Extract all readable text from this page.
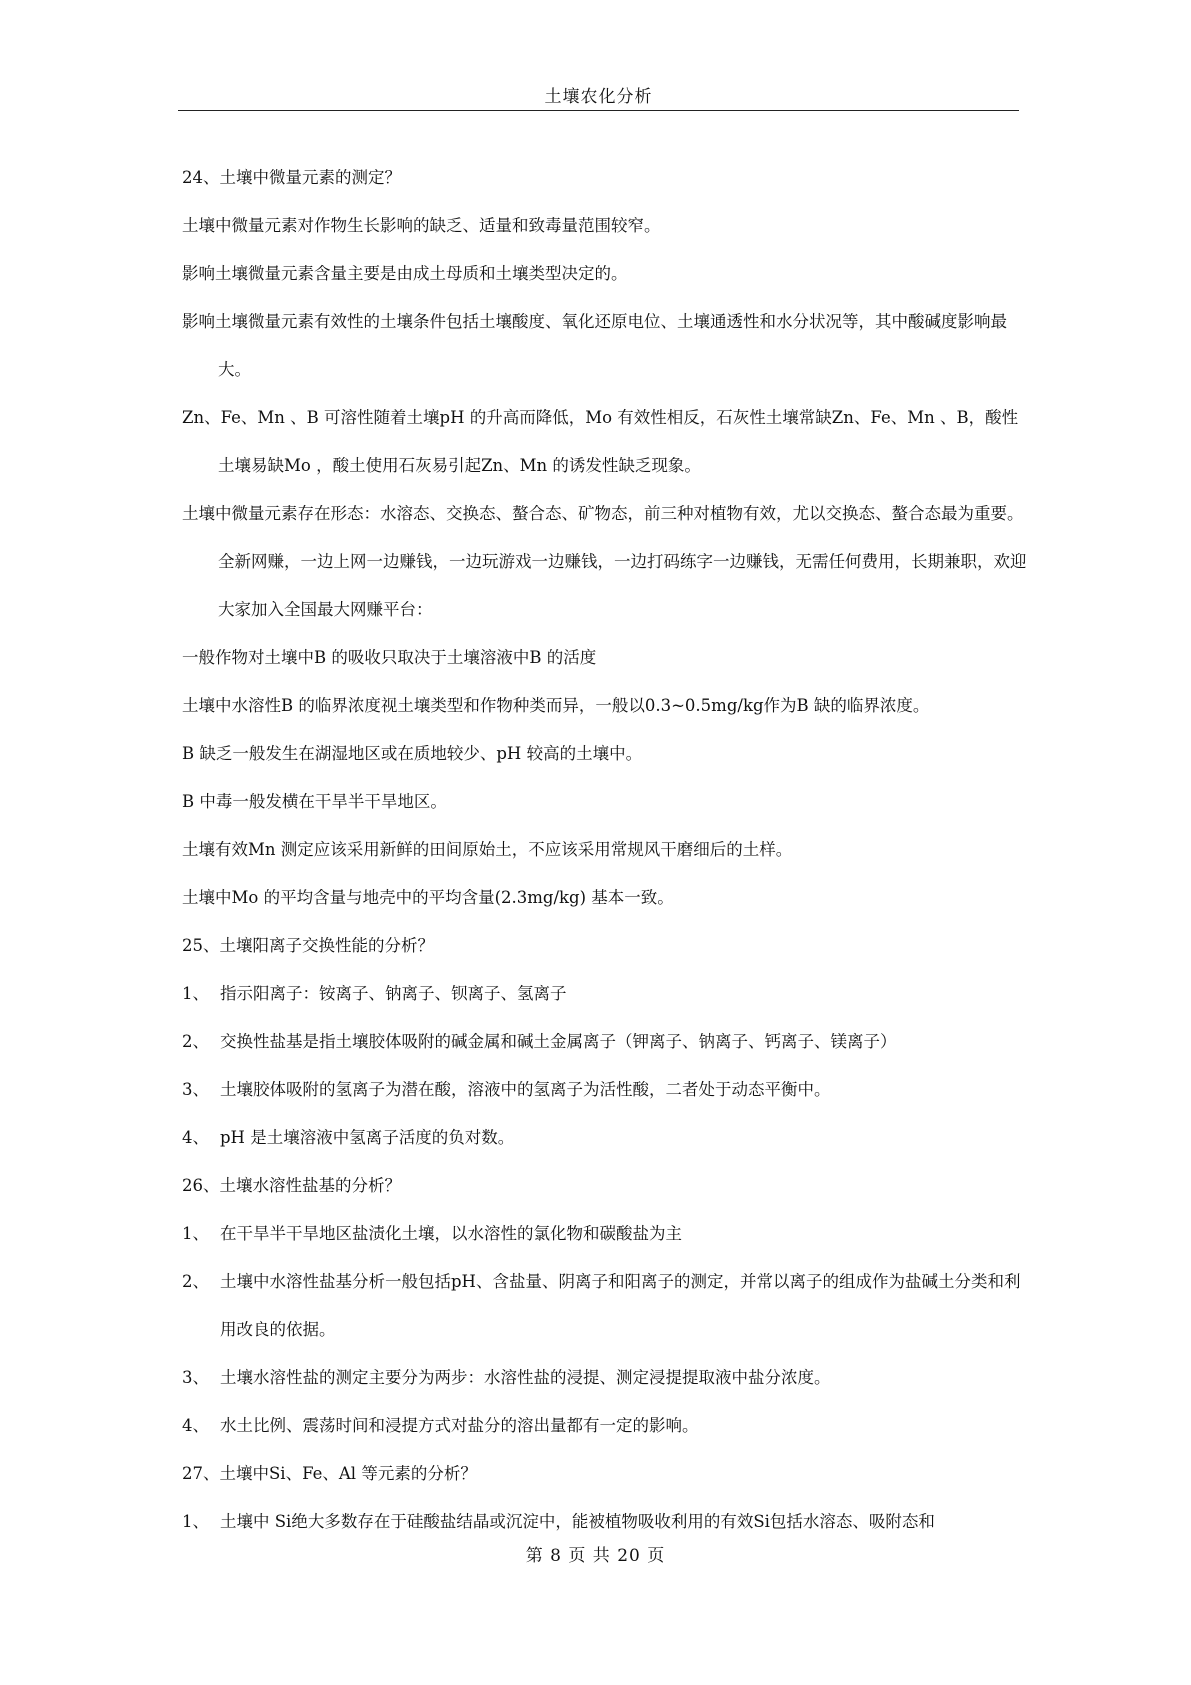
土壤农化分析

24、土壤中微量元素的测定？

土壤中微量元素对作物生长影响的缺乏、适量和致毒量范围较窄。

影响土壤微量元素含量主要是由成土母质和土壤类型决定的。

影响土壤微量元素有效性的土壤条件包括土壤酸度、氧化还原电位、土壤通透性和水分状况等，其中酸碱度影响最大。

Zn、Fe、Mn 、B 可溶性随着土壤pH 的升高而降低，Mo 有效性相反，石灰性土壤常缺Zn、Fe、Mn 、B，酸性土壤易缺Mo ，酸土使用石灰易引起Zn、Mn 的诱发性缺乏现象。

土壤中微量元素存在形态：水溶态、交换态、螯合态、矿物态，前三种对植物有效，尤以交换态、螯合态最为重要。全新网赚，一边上网一边赚钱，一边玩游戏一边赚钱，一边打码练字一边赚钱，无需任何费用，长期兼职，欢迎大家加入全国最大网赚平台：

一般作物对土壤中B 的吸收只取决于土壤溶液中B 的活度

土壤中水溶性B 的临界浓度视土壤类型和作物种类而异，一般以0.3~0.5mg/kg作为B 缺的临界浓度。

B 缺乏一般发生在湖湿地区或在质地较少、pH 较高的土壤中。

B 中毒一般发横在干旱半干旱地区。

土壤有效Mn 测定应该采用新鲜的田间原始土，不应该采用常规风干磨细后的土样。

土壤中Mo 的平均含量与地壳中的平均含量(2.3mg/kg) 基本一致。

25、土壤阳离子交换性能的分析？

1、 指示阳离子：铵离子、钠离子、钡离子、氢离子
2、 交换性盐基是指土壤胶体吸附的碱金属和碱土金属离子（钾离子、钠离子、钙离子、镁离子）
3、 土壤胶体吸附的氢离子为潜在酸，溶液中的氢离子为活性酸，二者处于动态平衡中。
4、 pH 是土壤溶液中氢离子活度的负对数。

26、土壤水溶性盐基的分析？

1、 在干旱半干旱地区盐渍化土壤，以水溶性的氯化物和碳酸盐为主
2、 土壤中水溶性盐基分析一般包括pH、含盐量、阴离子和阳离子的测定，并常以离子的组成作为盐碱土分类和利用改良的依据。
3、 土壤水溶性盐的测定主要分为两步：水溶性盐的浸提、测定浸提提取液中盐分浓度。
4、 水土比例、震荡时间和浸提方式对盐分的溶出量都有一定的影响。

27、土壤中Si、Fe、Al 等元素的分析？

1、 土壤中 Si绝大多数存在于硅酸盐结晶或沉淀中，能被植物吸收利用的有效Si包括水溶态、吸附态和
第 8 页 共 20 页
